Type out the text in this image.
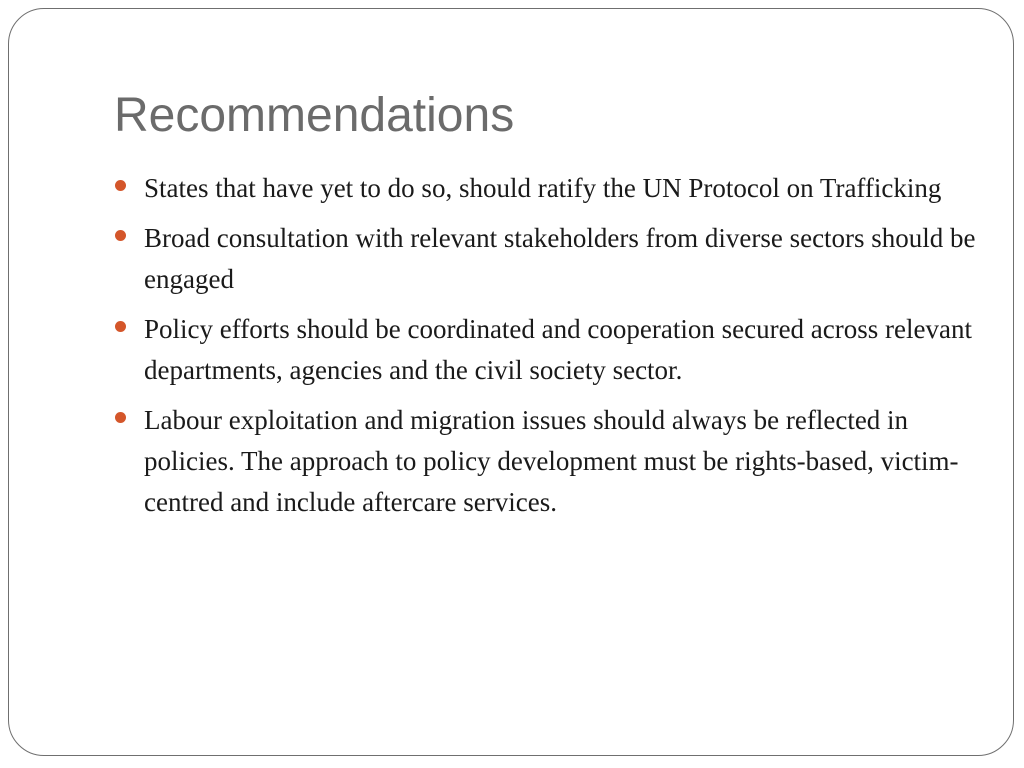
Recommendations
States that have yet to do so, should ratify the UN Protocol on Trafficking
Broad consultation with relevant stakeholders from diverse sectors should be engaged
Policy efforts should be coordinated and cooperation secured across relevant departments, agencies and the civil society sector.
Labour exploitation and migration issues should always be reflected in policies. The approach to policy development must be rights-based, victim-centred and include aftercare services.
